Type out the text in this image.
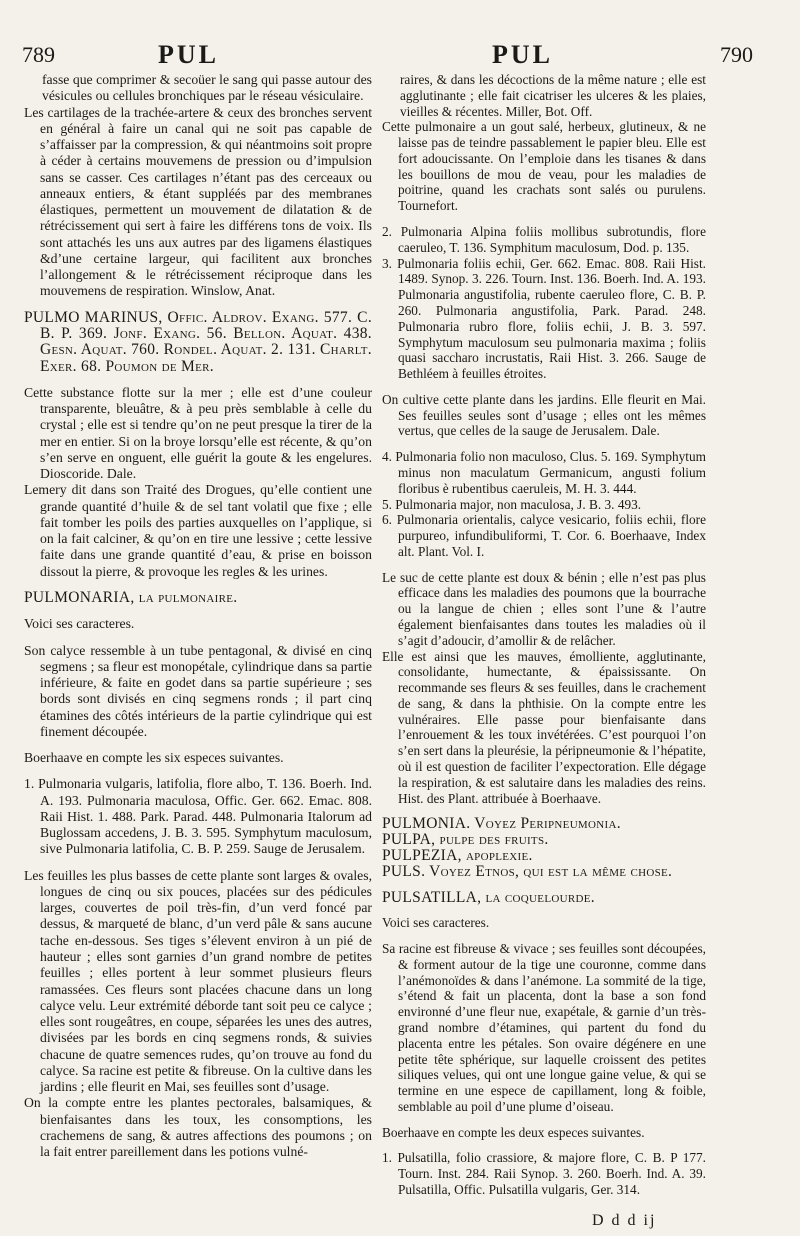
789	PUL	PUL	790
fasse que comprimer & secoüer le sang qui passe autour des vésicules ou cellules bronchiques par le réseau vésiculaire.
Les cartilages de la trachée-artere & ceux des bronches servent en général à faire un canal qui ne soit pas capable de s’affaisser par la compression, & qui néantmoins soit propre à céder à certains mouvemens de pression ou d’impulsion sans se casser. Ces cartilages n’étant pas des cerceaux ou anneaux entiers, & étant suppléés par des membranes élastiques, permettent un mouvement de dilatation & de rétrécissement qui sert à faire les différens tons de voix. Ils sont attachés les uns aux autres par des ligamens élastiques &d’une certaine largeur, qui facilitent aux bronches l’allongement & le rétrécissement réciproque dans les mouvemens de respiration. Winslow, Anat.
PULMO MARINUS, Offic. Aldrov. Exang. 577. C. B. P. 369. Jonf. Exang. 56. Bellon. Aquat. 438. Gesn. Aquat. 760. Rondel. Aquat. 2. 131. Charlt. Exer. 68. Poumon de Mer.
Cette substance flotte sur la mer ; elle est d’une couleur transparente, bleuâtre, & à peu près semblable à celle du crystal ; elle est si tendre qu’on ne peut presque la tirer de la mer en entier. Si on la broye lorsqu’elle est récente, & qu’on s’en serve en onguent, elle guérit la goute & les engelures. Dioscoride. Dale.
Lemery dit dans son Traité des Drogues, qu’elle contient une grande quantité d’huile & de sel tant volatil que fixe ; elle fait tomber les poils des parties auxquelles on l’applique, si on la fait calciner, & qu’on en tire une lessive ; cette lessive faite dans une grande quantité d’eau, & prise en boisson dissout la pierre, & provoque les regles & les urines.
PULMONARIA, la pulmonaire.
Voici ses caracteres.
Son calyce ressemble à un tube pentagonal, & divisé en cinq segmens ; sa fleur est monopétale, cylindrique dans sa partie inférieure, & faite en godet dans sa partie supérieure ; ses bords sont divisés en cinq segmens ronds ; il part cinq étamines des côtés intérieurs de la partie cylindrique qui est finement découpée.
Boerhaave en compte les six especes suivantes.
1. Pulmonaria vulgaris, latifolia, flore albo, T. 136. Boerh. Ind. A. 193. Pulmonaria maculosa, Offic. Ger. 662. Emac. 808. Raii Hist. 1. 488. Park. Parad. 448. Pulmonaria Italorum ad Buglossam accedens, J. B. 3. 595. Symphytum maculosum, sive Pulmonaria latifolia, C. B. P. 259. Sauge de Jerusalem.
Les feuilles les plus basses de cette plante sont larges & ovales, longues de cinq ou six pouces, placées sur des pédicules larges, couvertes de poil très-fin, d’un verd foncé par dessus, & marqueté de blanc, d’un verd pâle & sans aucune tache en-dessous. Ses tiges s’élevent environ à un pié de hauteur ; elles sont garnies d’un grand nombre de petites feuilles ; elles portent à leur sommet plusieurs fleurs ramassées. Ces fleurs sont placées chacune dans un long calyce velu. Leur extrémité déborde tant soit peu ce calyce ; elles sont rougeâtres, en coupe, séparées les unes des autres, divisées par les bords en cinq segmens ronds, & suivies chacune de quatre semences rudes, qu’on trouve au fond du calyce. Sa racine est petite & fibreuse. On la cultive dans les jardins ; elle fleurit en Mai, ses feuilles sont d’usage.
On la compte entre les plantes pectorales, balsamiques, & bienfaisantes dans les toux, les consomptions, les crachemens de sang, & autres affections des poumons ; on la fait entrer pareillement dans les potions vulné-
raires, & dans les décoctions de la même nature ; elle est agglutinante ; elle fait cicatriser les ulceres & les plaies, vieilles & récentes. Miller, Bot. Off.
Cette pulmonaire a un gout salé, herbeux, glutineux, & ne laisse pas de teindre passablement le papier bleu. Elle est fort adoucissante. On l’emploie dans les tisanes & dans les bouillons de mou de veau, pour les maladies de poitrine, quand les crachats sont salés ou purulens. Tournefort.
2. Pulmonaria Alpina foliis mollibus subrotundis, flore caeruleo, T. 136. Symphitum maculosum, Dod. p. 135.
3. Pulmonaria foliis echii, Ger. 662. Emac. 808. Raii Hist. 1489. Synop. 3. 226. Tourn. Inst. 136. Boerh. Ind. A. 193. Pulmonaria angustifolia, rubente caeruleo flore, C. B. P. 260. Pulmonaria angustifolia, Park. Parad. 248. Pulmonaria rubro flore, foliis echii, J. B. 3. 597. Symphytum maculosum seu pulmonaria maxima ; foliis quasi saccharo incrustatis, Raii Hist. 3. 266. Sauge de Bethléem à feuilles étroites.
On cultive cette plante dans les jardins. Elle fleurit en Mai. Ses feuilles seules sont d’usage ; elles ont les mêmes vertus, que celles de la sauge de Jerusalem. Dale.
4. Pulmonaria folio non maculoso, Clus. 5. 169. Symphytum minus non maculatum Germanicum, angusti folium floribus è rubentibus caeruleis, M. H. 3. 444.
5. Pulmonaria major, non maculosa, J. B. 3. 493.
6. Pulmonaria orientalis, calyce vesicario, foliis echii, flore purpureo, infundibuliformi, T. Cor. 6. Boerhaave, Index alt. Plant. Vol. I.
Le suc de cette plante est doux & bénin ; elle n’est pas plus efficace dans les maladies des poumons que la bourrache ou la langue de chien ; elles sont l’une & l’autre également bienfaisantes dans toutes les maladies où il s’agit d’adoucir, d’amollir & de relâcher.
Elle est ainsi que les mauves, émolliente, agglutinante, consolidante, humectante, & épaississante. On recommande ses fleurs & ses feuilles, dans le crachement de sang, & dans la phthisie. On la compte entre les vulnéraires. Elle passe pour bienfaisante dans l’enrouement & les toux invétérées. C’est pourquoi l’on s’en sert dans la pleurésie, la péripneumonie & l’hépatite, où il est question de faciliter l’expectoration. Elle dégage la respiration, & est salutaire dans les maladies des reins. Hist. des Plant. attribuée à Boerhaave.
PULMONIA. Voyez Peripneumonia.
PULPA, pulpe des fruits.
PULPEZIA, apoplexie.
PULS. Voyez Etnos, qui est la même chose.
PULSATILLA, la coquelourde.
Voici ses caracteres.
Sa racine est fibreuse & vivace ; ses feuilles sont découpées, & forment autour de la tige une couronne, comme dans l’anémonoïdes & dans l’anémone. La sommité de la tige, s’étend & fait un placenta, dont la base a son fond environné d’une fleur nue, exapétale, & garnie d’un très-grand nombre d’étamines, qui partent du fond du placenta entre les pétales. Son ovaire dégénere en une petite tête sphérique, sur laquelle croissent des petites siliques velues, qui ont une longue gaine velue, & qui se termine en une espece de capillament, long & foible, semblable au poil d’une plume d’oiseau.
Boerhaave en compte les deux especes suivantes.
1. Pulsatilla, folio crassiore, & majore flore, C. B. P 177. Tourn. Inst. 284. Raii Synop. 3. 260. Boerh. Ind. A. 39. Pulsatilla, Offic. Pulsatilla vulgaris, Ger. 314.
D d d ij
